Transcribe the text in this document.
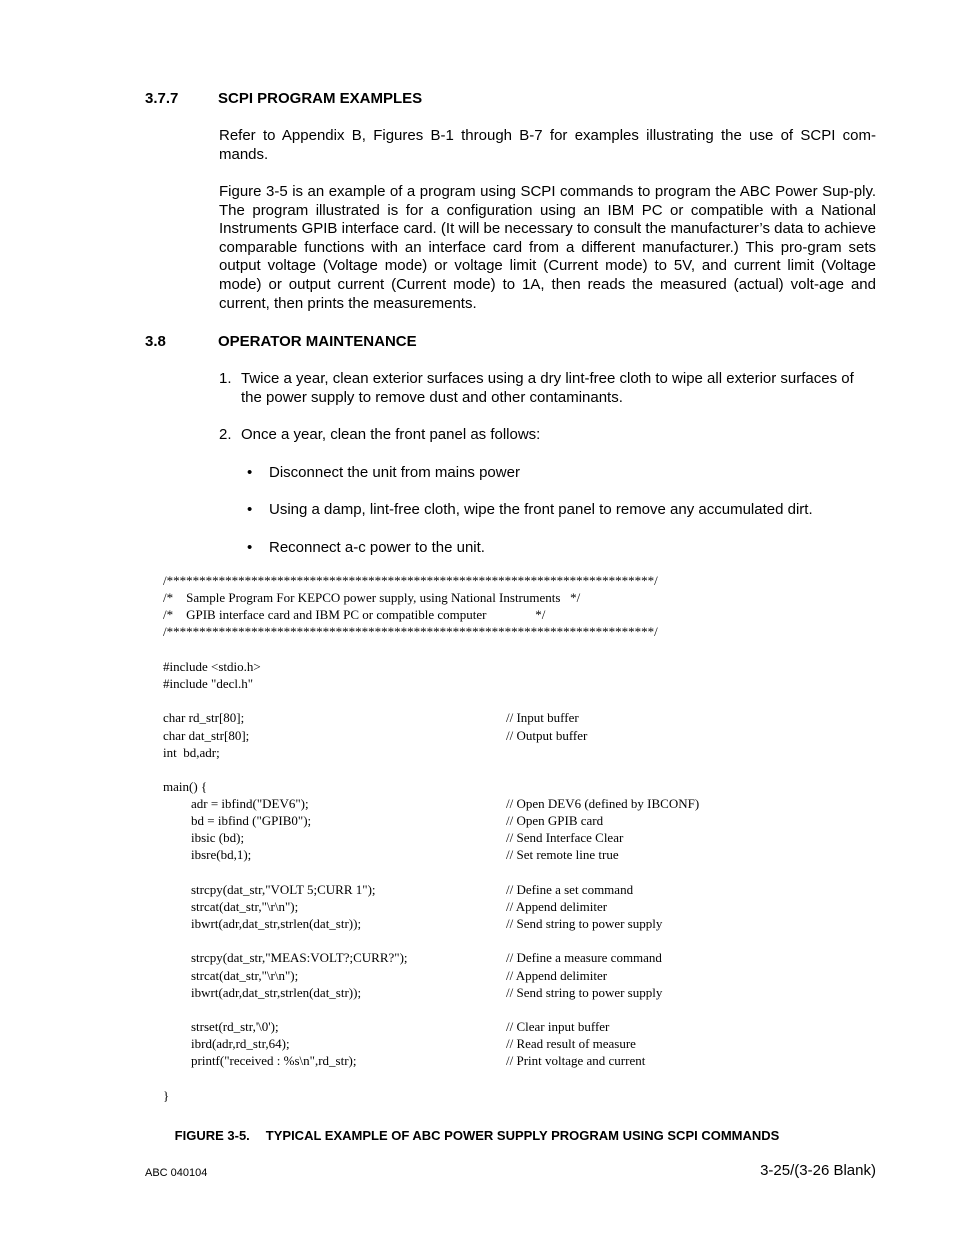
3.7.7	SCPI PROGRAM EXAMPLES

Refer to Appendix B, Figures B-1 through B-7 for examples illustrating the use of SCPI com-mands.

Figure 3-5 is an example of a program using SCPI commands to program the ABC Power Sup-ply. The program illustrated is for a configuration using an IBM PC or compatible with a National Instruments GPIB interface card. (It will be necessary to consult the manufacturer’s data to achieve comparable functions with an interface card from a different manufacturer.) This pro-gram sets output voltage (Voltage mode) or voltage limit (Current mode) to 5V, and current limit (Voltage mode) or output current (Current mode) to 1A, then reads the measured (actual) volt-age and current, then prints the measurements.

3.8	OPERATOR MAINTENANCE
1. Twice a year, clean exterior surfaces using a dry lint-free cloth to wipe all exterior surfaces of the power supply to remove dust and other contaminants.
2. Once a year, clean the front panel as follows:
• Disconnect the unit from mains power
• Using a damp, lint-free cloth, wipe the front panel to remove any accumulated dirt.
• Reconnect a-c power to the unit.
/***************************************************************************/
/*    Sample Program For KEPCO power supply, using National Instruments   */
/*    GPIB interface card and IBM PC or compatible computer               */
/***************************************************************************/
#include <stdio.h>
#include "decl.h"
char rd_str[80];	// Input buffer
char dat_str[80];	// Output buffer
int  bd,adr;
main() {
adr = ibfind("DEV6");	// Open DEV6 (defined by IBCONF)
bd = ibfind ("GPIB0");	// Open GPIB card
ibsic (bd);	// Send Interface Clear
ibsre(bd,1);	// Set remote line true
strcpy(dat_str,"VOLT 5;CURR 1");	// Define a set command
strcat(dat_str,"\r\n");	// Append delimiter
ibwrt(adr,dat_str,strlen(dat_str));	// Send string to power supply
strcpy(dat_str,"MEAS:VOLT?;CURR?");	// Define a measure command
strcat(dat_str,"\r\n");	// Append delimiter
ibwrt(adr,dat_str,strlen(dat_str));	// Send string to power supply
strset(rd_str,'\0');	// Clear input buffer
ibrd(adr,rd_str,64);	// Read result of measure
printf("received : %s\n",rd_str);	// Print voltage and current
}
FIGURE 3-5. TYPICAL EXAMPLE OF ABC POWER SUPPLY PROGRAM USING SCPI COMMANDS
ABC 040104	3-25/(3-26 Blank)
